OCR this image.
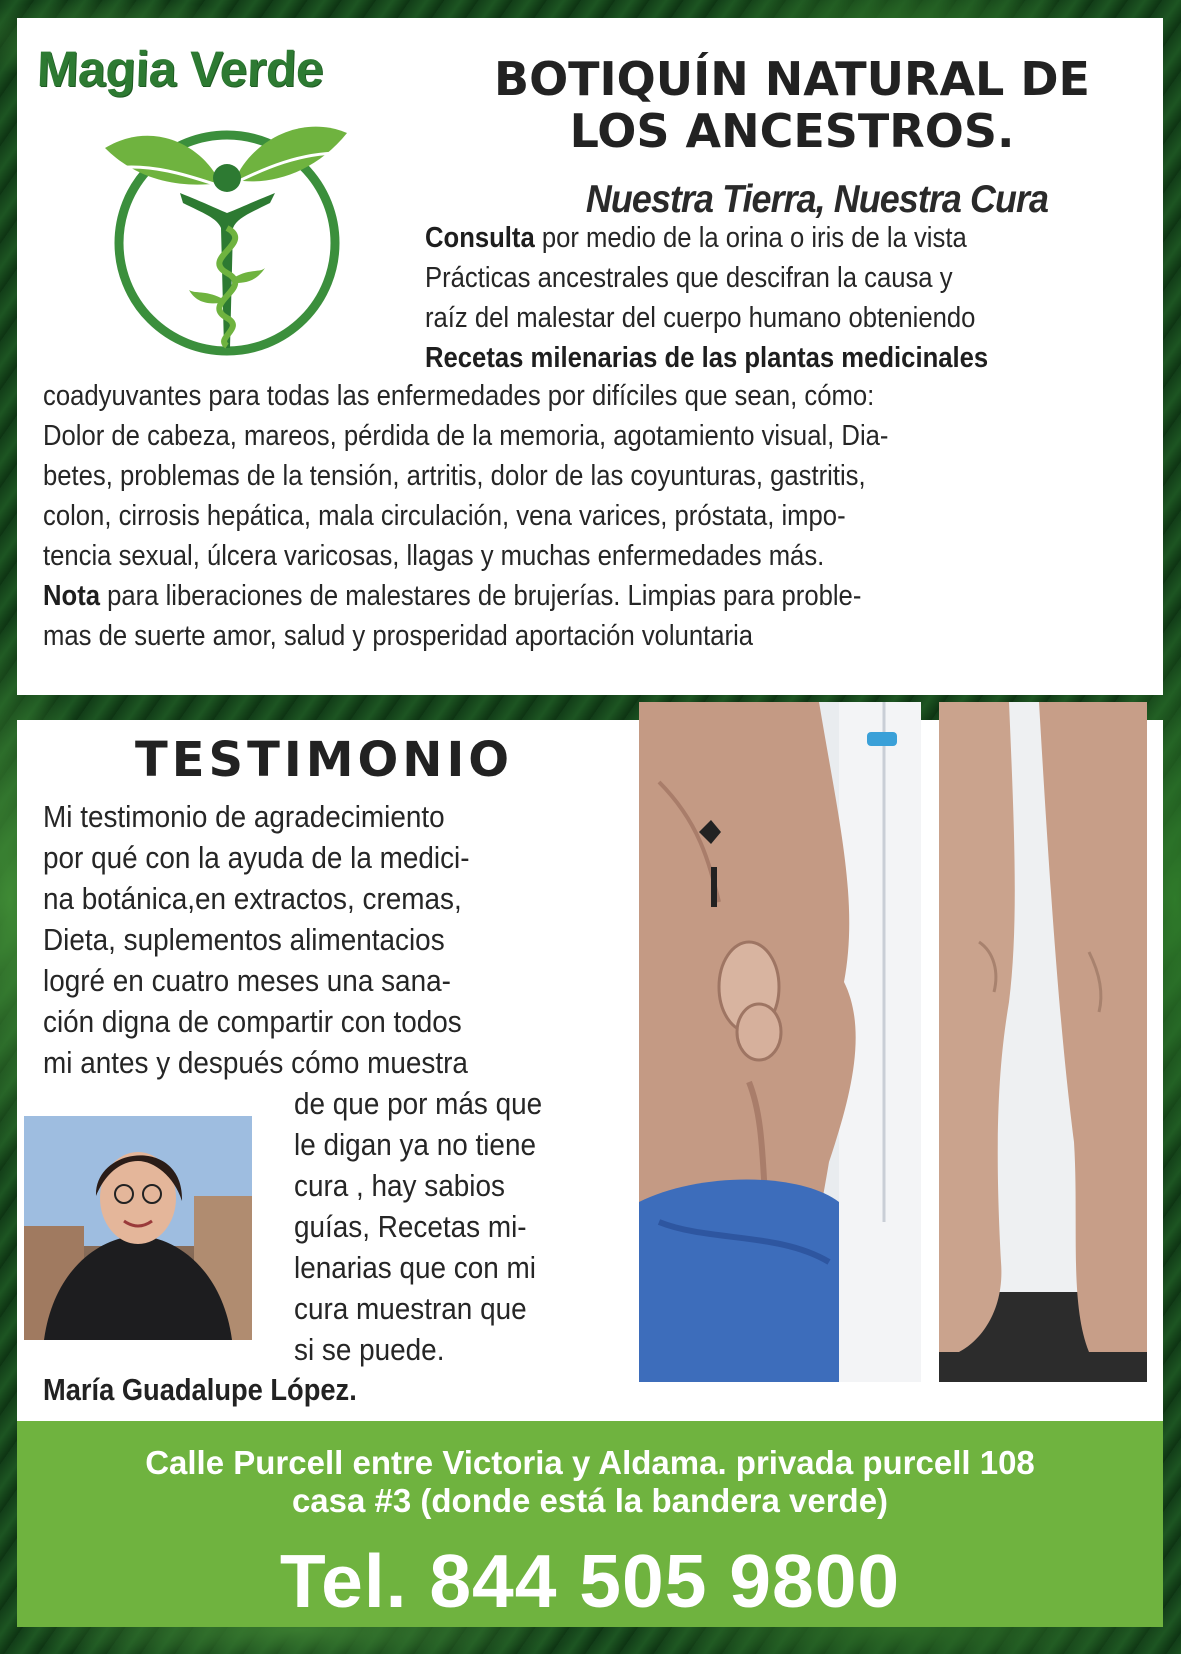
Magia Verde	BOTIQUÍN NATURAL DE
LOS ANCESTROS.
Nuestra Tierra, Nuestra Cura
Consulta por medio de la orina o iris de la vista
Prácticas ancestrales que descifran la causa y
raíz del malestar del cuerpo humano obteniendo
Recetas milenarias de las plantas medicinales
coadyuvantes para todas las enfermedades por difíciles que sean, cómo:
Dolor de cabeza, mareos, pérdida de la memoria, agotamiento visual, Dia-
betes, problemas de la tensión, artritis, dolor de las coyunturas, gastritis,
colon, cirrosis hepática, mala circulación, vena varices, próstata, impo-
tencia sexual, úlcera varicosas, llagas y muchas enfermedades más.
Nota para liberaciones de malestares de brujerías. Limpias para proble-
mas de suerte amor, salud y prosperidad aportación voluntaria
TESTIMONIO
Mi testimonio de agradecimiento
por qué con la ayuda de la medici-
na botánica,en extractos, cremas,
Dieta, suplementos alimentacios
logré en cuatro meses una sana-
ción digna de compartir con todos
mi antes y después cómo muestra
de que por más que
le digan ya no tiene
cura , hay sabios
guías, Recetas mi-
lenarias que con mi
cura muestran que
si se puede.
María Guadalupe López.
Calle Purcell entre Victoria y Aldama. privada purcell 108
casa #3 (donde está la bandera verde)
Tel. 844 505 9800
